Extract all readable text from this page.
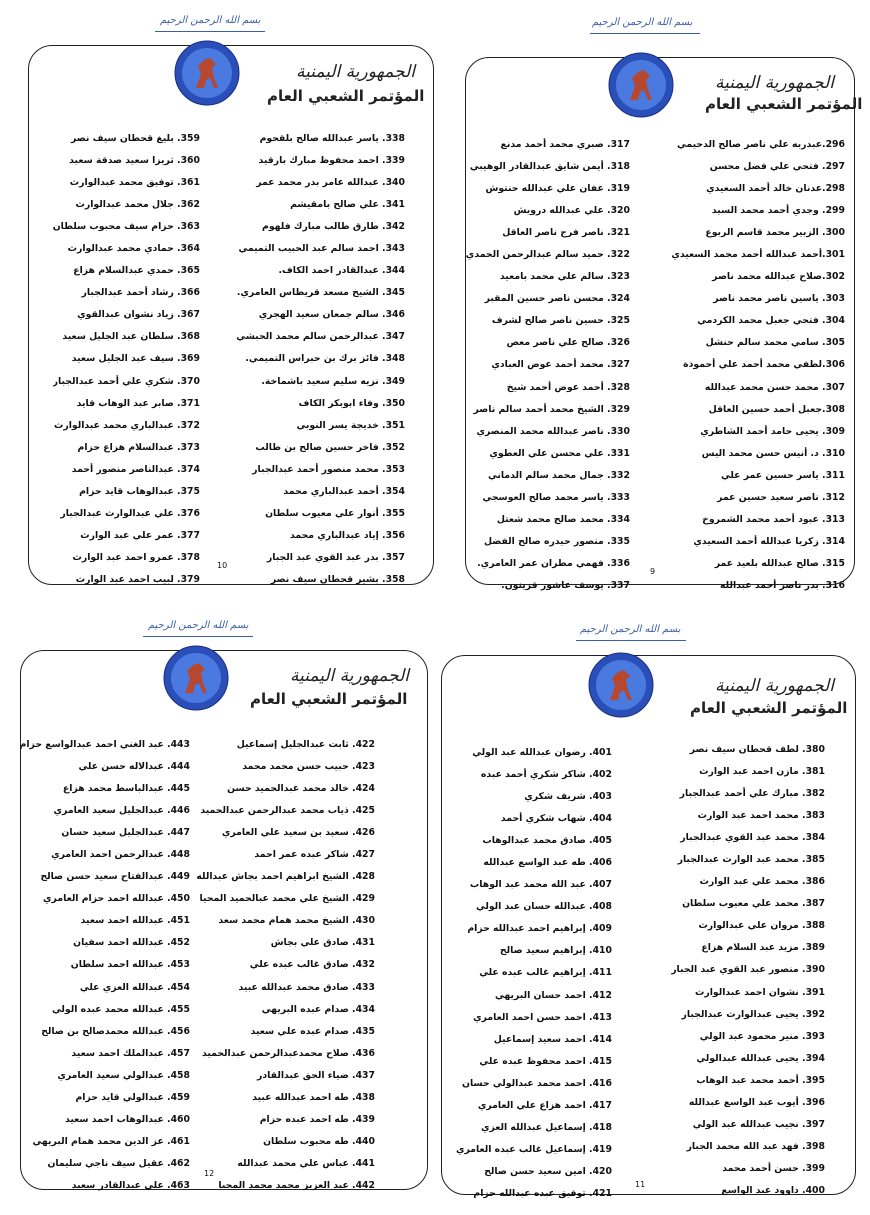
بسم الله الرحمن الرحيم
الجمهورية اليمنية
المؤتمر الشعبي العام
296.عبدربه علي ناصر صالح الدحيمي
297. فتحي علي فضل محسن
298.عدنان خالد أحمد السعيدي
299. وجدي أحمد محمد السيد
300. الزبير محمد قاسم الربوع
301.أحمد عبدالله أحمد محمد السعيدي
302.صلاح عبدالله محمد ناصر
303. ياسين ناصر محمد ناصر
304. فتحي جعبل محمد الكردمي
305. سامي محمد سالم حنشل
306.لطفي محمد أحمد علي أحموذة
307. محمد حسن محمد عبدالله
308.جعبل أحمد حسين العاقل
309. يحيى حامد أحمد الشاطري
310. د. أنيس حسن محمد اليس
311. ياسر حسين عمر علي
312. ناصر سعيد حسين عمر
313. عبود أحمد محمد الشمروخ
314. زكريا عبدالله أحمد السعيدي
315. صالح عبدالله بلعيد عمر
316. بدر ناصر أحمد عبدالله
317. صبري محمد أحمد مدنع
318. أيمن شايق عبدالقادر الوهيبي
319. عفان علي عبدالله حنتوش
320. علي عبدالله درويش
321. ناصر فرج ناصر العاقل
322. حميد سالم عبدالرحمن الحمدي
323. سالم علي محمد بامعيد
324. محسن ناصر حسين المقبر
325. حسين ناصر صالح لشرف
326. صالح علي ناصر معص
327. محمد أحمد عوض العبادي
328. أحمد عوض أحمد شيخ
329. الشيخ محمد أحمد سالم ناصر
330. ناصر عبدالله محمد المنصري
331. علي محسن علي العطوي
332. جمال محمد سالم الدماني
333. ياسر محمد صالح العوسجي
334. محمد صالح محمد شعتل
335. منصور حيدره صالح الفضل
336. فهمي مطران عمر العامري.
337. يوسف عاشور قرينون.
9
بسم الله الرحمن الرحيم
الجمهورية اليمنية
المؤتمر الشعبي العام
338. ياسر عبدالله صالح بلقحوم
339. احمد محفوظ مبارك بارقيد
340. عبدالله عامر بدر محمد عمر
341. علي صالح بامقيشم
342. طارق طالب مبارك فلهوم
343. احمد سالم عبد الحبيب التميمي
344. عبدالقادر احمد الكاف.
345. الشيخ مسعد قريطاس العامري.
346. سالم جمعان سعيد الهجري
347. عبدالرحمن سالم محمد الحبشي
348. فائز برك بن حبراس التميمي.
349. نزيه سليم سعيد باشماخة.
350. وفاء ابوبكر الكاف
351. خديجة يسر النوبي
352. فاخر حسين صالح بن طالب
353. محمد منصور أحمد عبدالجبار
354. أحمد عبدالباري محمد
355. أنوار علي معيوب سلطان
356. إياد عبدالباري محمد
357. بدر عبد القوي عبد الجبار
358. بشير قحطان سيف نصر
359. بليغ قحطان سيف نصر
360. ثريزا سعيد صدقة سعيد
361. توفيق محمد عبدالوارث
362. جلال محمد عبدالوارث
363. حزام سيف محبوب سلطان
364. حمادي محمد عبدالوارث
365. حمدي عبدالسلام هزاع
366. رشاد أحمد عبدالجبار
367. زياد نشوان عبدالقوي
368. سلطان عبد الجليل سعيد
369. سيف عبد الجليل سعيد
370. شكري علي أحمد عبدالجبار
371. صابر عبد الوهاب قايد
372. عبدالباري محمد عبدالوارث
373. عبدالسلام هزاع حزام
374. عبدالناصر منصور أحمد
375. عبدالوهاب قايد حزام
376. علي عبدالوارث عبدالجبار
377. عمر علي عبد الوارث
378. عمرو احمد عبد الوارث
379. لبيب احمد عبد الوارث
10
بسم الله الرحمن الرحيم
الجمهورية اليمنية
المؤتمر الشعبي العام
380. لطف قحطان سيف نصر
381. مازن احمد عبد الوارث
382. مبارك علي أحمد عبدالجبار
383. محمد احمد عبد الوارث
384. محمد عبد القوي عبدالجبار
385. محمد عبد الوارث عبدالجبار
386. محمد علي عبد الوارث
387. محمد علي معيوب سلطان
388. مروان علي عبدالوارث
389. مزيد عبد السلام هزاع
390. منصور عبد القوي عبد الجبار
391. نشوان احمد عبدالوارث
392. يحيى عبدالوارث عبدالجبار
393. منير محمود عبد الولي
394. يحيى عبدالله عبدالولي
395. أحمد محمد عبد الوهاب
396. أيوب عبد الواسع عبدالله
397. نجيب عبدالله عبد الولي
398. فهد عبد الله محمد الجبار
399. حسن أحمد محمد
400. داوود عبد الواسع
401. رضوان عبدالله عبد الولي
402. شاكر شكري أحمد عبده
403. شريف شكري
404. شهاب شكري أحمد
405. صادق محمد عبدالوهاب
406. طه عبد الواسع عبدالله
407. عبد الله محمد عبد الوهاب
408. عبدالله حسان عبد الولي
409. إبراهيم احمد عبدالله حزام
410. إبراهيم سعيد صالح
411. إبراهيم غالب عبده علي
412. احمد حسان البريهي
413. احمد حسن احمد العامري
414. احمد سعيد إسماعيل
415. احمد محفوظ عبده علي
416. احمد محمد عبدالولي حسان
417. احمد هزاع علي العامري
418. إسماعيل عبدالله العزي
419. إسماعيل غالب عبده العامري
420. امين سعيد حسن صالح
421. توفيق عبده عبدالله حزام
11
بسم الله الرحمن الرحيم
الجمهورية اليمنية
المؤتمر الشعبي العام
422. ثابت عبدالجليل إسماعيل
423. حبيب حسن محمد محمد
424. خالد محمد عبدالحميد حسن
425. ذياب محمد عبدالرحمن عبدالحميد
426. سعيد بن سعيد علي العامري
427. شاكر عبده عمر احمد
428. الشيخ ابراهيم احمد بجاش عبدالله
429. الشيخ علي محمد عبالحميد المحيا
430. الشيخ محمد همام محمد سعد
431. صادق علي بجاش
432. صادق غالب عبده علي
433. صادق محمد عبدالله عبيد
434. صدام عبده البريهي
435. صدام عبده علي سعيد
436. صلاح محمدعبدالرحمن عبدالحميد
437. ضياء الحق عبدالقادر
438. طه احمد عبدالله عبيد
439. طه احمد عبده حزام
440. طه محبوب سلطان
441. عباس علي محمد عبدالله
442. عبد العزيز محمد محمد المحيا
443. عبد الغني احمد عبدالواسع حزام
444. عبدالاله حسن علي
445. عبدالباسط محمد هزاع
446. عبدالجليل سعيد العامري
447. عبدالجليل سعيد حسان
448. عبدالرحمن احمد العامري
449. عبدالفتاح سعيد حسن صالح
450. عبدالله احمد حزام العامري
451. عبدالله احمد سعيد
452. عبدالله احمد سفيان
453. عبدالله احمد سلطان
454. عبدالله العزي علي
455. عبدالله محمد عبده الولي
456. عبدالله محمدصالح بن صالح
457. عبدالملك احمد سعيد
458. عبدالولي سعيد العامري
459. عبدالولي قايد حزام
460. عبدالوهاب احمد سعيد
461. عز الدين محمد همام البريهي
462. عقيل سيف ناجي سليمان
463. علي عبدالقادر سعيد
12
